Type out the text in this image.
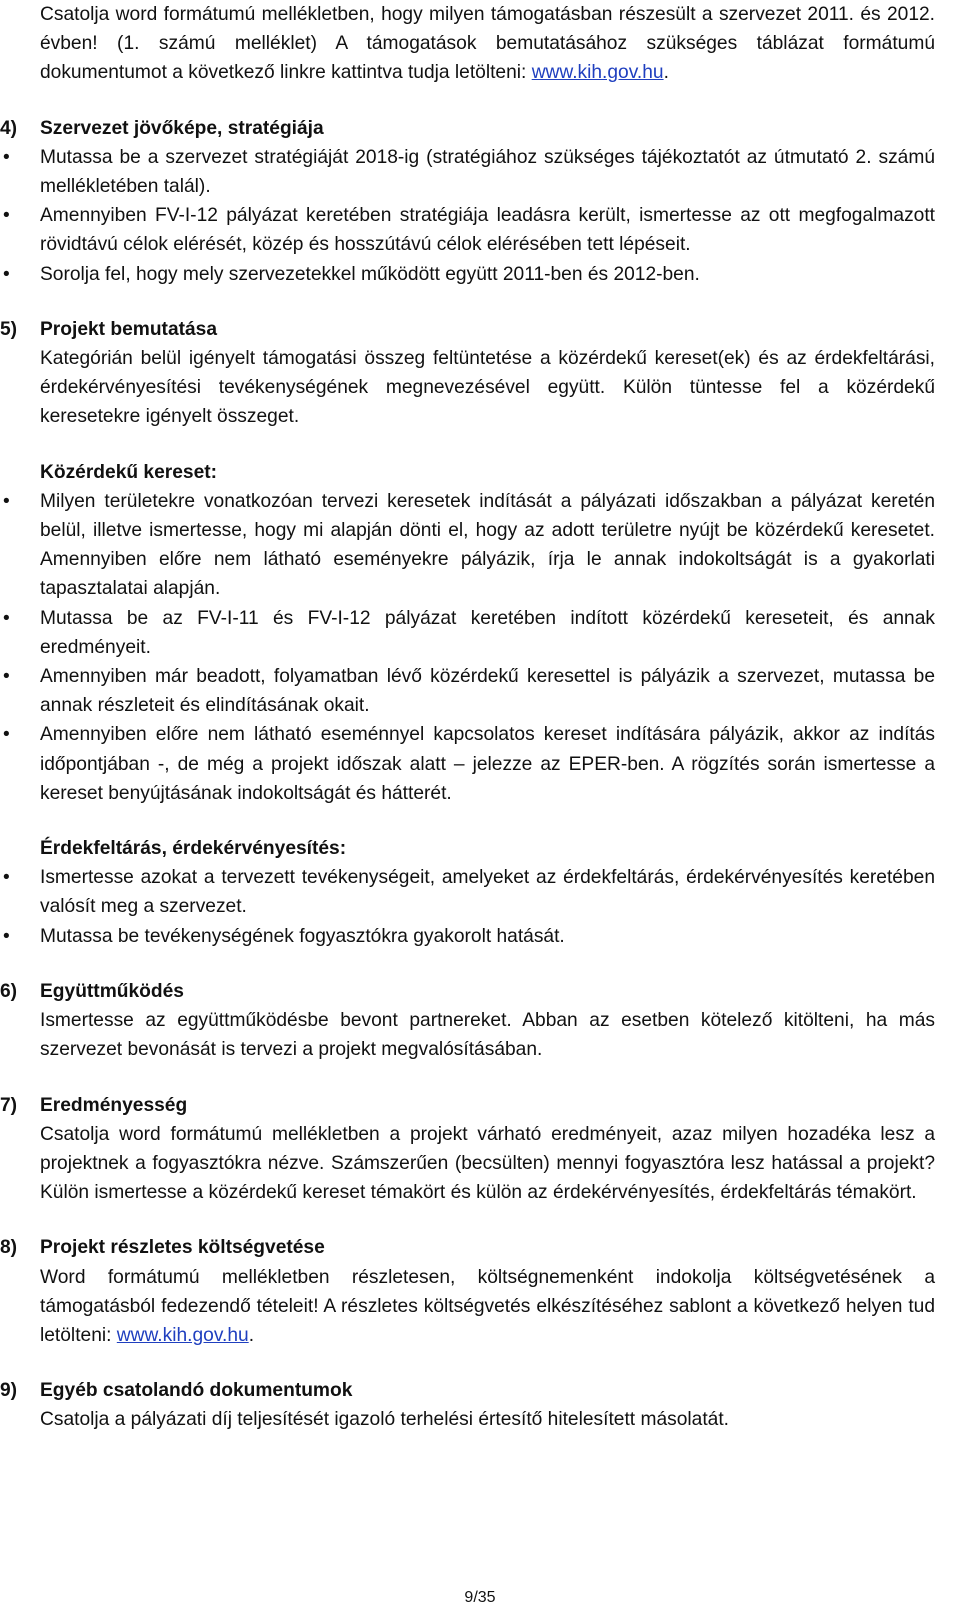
Csatolja word formátumú mellékletben, hogy milyen támogatásban részesült a szervezet 2011. és 2012. évben! (1. számú melléklet) A támogatások bemutatásához szükséges táblázat formátumú dokumentumot a következő linkre kattintva tudja letölteni: www.kih.gov.hu.

4)	Szervezet jövőképe, stratégiája
• Mutassa be a szervezet stratégiáját 2018-ig (stratégiához szükséges tájékoztatót az útmutató 2. számú mellékletében talál).
• Amennyiben FV-I-12 pályázat keretében stratégiája leadásra került, ismertesse az ott megfogalmazott rövidtávú célok elérését, közép és hosszútávú célok elérésében tett lépéseit.
• Sorolja fel, hogy mely szervezetekkel működött együtt 2011-ben és 2012-ben.
5)	Projekt bemutatása

Kategórián belül igényelt támogatási összeg feltüntetése a közérdekű kereset(ek) és az érdekfeltárási, érdekérvényesítési tevékenységének megnevezésével együtt. Külön tüntesse fel a közérdekű keresetekre igényelt összeget.

Közérdekű kereset:

• Milyen területekre vonatkozóan tervezi keresetek indítását a pályázati időszakban a pályázat keretén belül, illetve ismertesse, hogy mi alapján dönti el, hogy az adott területre nyújt be közérdekű keresetet. Amennyiben előre nem látható eseményekre pályázik, írja le annak indokoltságát is a gyakorlati tapasztalatai alapján.
• Mutassa be az FV-I-11 és FV-I-12 pályázat keretében indított közérdekű kereseteit, és annak eredményeit.
• Amennyiben már beadott, folyamatban lévő közérdekű keresettel is pályázik a szervezet, mutassa be annak részleteit és elindításának okait.
• Amennyiben előre nem látható eseménnyel kapcsolatos kereset indítására pályázik, akkor az indítás időpontjában -, de még a projekt időszak alatt – jelezze az EPER-ben. A rögzítés során ismertesse a kereset benyújtásának indokoltságát és hátterét.

Érdekfeltárás, érdekérvényesítés:

• Ismertesse azokat a tervezett tevékenységeit, amelyeket az érdekfeltárás, érdekérvényesítés keretében valósít meg a szervezet.
• Mutassa be tevékenységének fogyasztókra gyakorolt hatását.
6)	Együttműködés

Ismertesse az együttműködésbe bevont partnereket. Abban az esetben kötelező kitölteni, ha más szervezet bevonását is tervezi a projekt megvalósításában.

7)	Eredményesség

Csatolja word formátumú mellékletben a projekt várható eredményeit, azaz milyen hozadéka lesz a projektnek a fogyasztókra nézve. Számszerűen (becsülten) mennyi fogyasztóra lesz hatással a projekt? Külön ismertesse a közérdekű kereset témakört és külön az érdekérvényesítés, érdekfeltárás témakört.

8)	Projekt részletes költségvetése

Word formátumú mellékletben részletesen, költségnemenként indokolja költségvetésének a támogatásból fedezendő tételeit! A részletes költségvetés elkészítéséhez sablont a következő helyen tud letölteni: www.kih.gov.hu.

9)	Egyéb csatolandó dokumentumok

Csatolja a pályázati díj teljesítését igazoló terhelési értesítő hitelesített másolatát.

9/35
